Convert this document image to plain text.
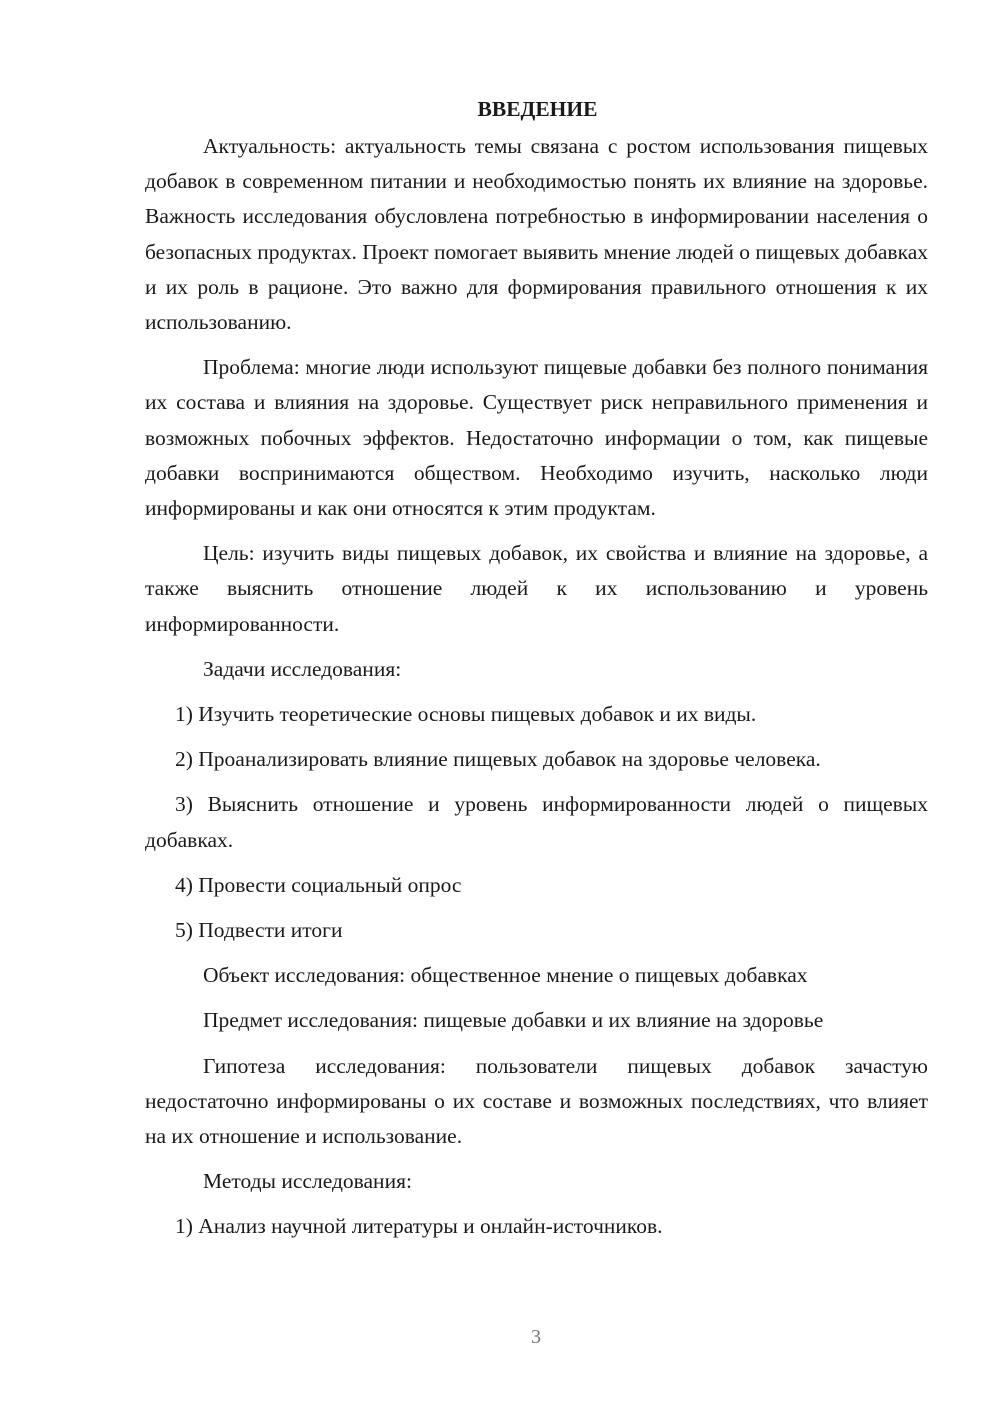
ВВЕДЕНИЕ

Актуальность: актуальность темы связана с ростом использования пищевых добавок в современном питании и необходимостью понять их влияние на здоровье. Важность исследования обусловлена потребностью в информировании населения о безопасных продуктах. Проект помогает выявить мнение людей о пищевых добавках и их роль в рационе. Это важно для формирования правильного отношения к их использованию.

Проблема: многие люди используют пищевые добавки без полного понимания их состава и влияния на здоровье. Существует риск неправильного применения и возможных побочных эффектов. Недостаточно информации о том, как пищевые добавки воспринимаются обществом. Необходимо изучить, насколько люди информированы и как они относятся к этим продуктам.

Цель: изучить виды пищевых добавок, их свойства и влияние на здоровье, а также выяснить отношение людей к их использованию и уровень информированности.

Задачи исследования:

1) Изучить теоретические основы пищевых добавок и их виды.

2) Проанализировать влияние пищевых добавок на здоровье человека.

3) Выяснить отношение и уровень информированности людей о пищевых добавках.

4) Провести социальный опрос

5) Подвести итоги

Объект исследования: общественное мнение о пищевых добавках

Предмет исследования: пищевые добавки и их влияние на здоровье

Гипотеза исследования: пользователи пищевых добавок зачастую недостаточно информированы о их составе и возможных последствиях, что влияет на их отношение и использование.

Методы исследования:

1) Анализ научной литературы и онлайн-источников.

3
